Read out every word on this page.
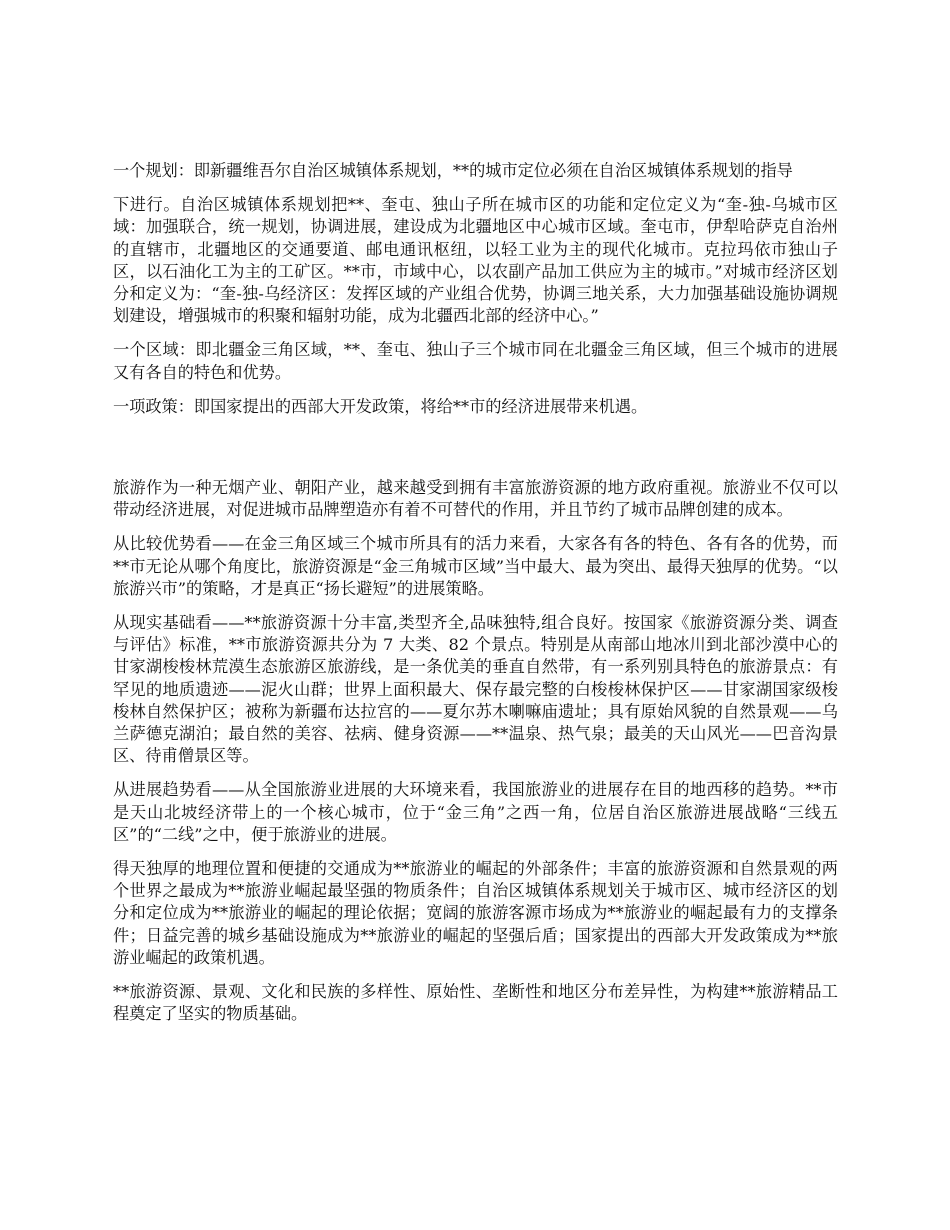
一个规划：即新疆维吾尔自治区城镇体系规划，**的城市定位必须在自治区城镇体系规划的指导

下进行。自治区城镇体系规划把**、奎屯、独山子所在城市区的功能和定位定义为“奎-独-乌城市区域：加强联合，统一规划，协调进展，建设成为北疆地区中心城市区域。奎屯市，伊犁哈萨克自治州的直辖市，北疆地区的交通要道、邮电通讯枢纽，以轻工业为主的现代化城市。克拉玛依市独山子区，以石油化工为主的工矿区。**市，市域中心，以农副产品加工供应为主的城市。”对城市经济区划分和定义为：“奎-独-乌经济区：发挥区域的产业组合优势，协调三地关系，大力加强基础设施协调规划建设，增强城市的积聚和辐射功能，成为北疆西北部的经济中心。”

一个区域：即北疆金三角区域，**、奎屯、独山子三个城市同在北疆金三角区域，但三个城市的进展又有各自的特色和优势。

一项政策：即国家提出的西部大开发政策，将给**市的经济进展带来机遇。

旅游作为一种无烟产业、朝阳产业，越来越受到拥有丰富旅游资源的地方政府重视。旅游业不仅可以带动经济进展，对促进城市品牌塑造亦有着不可替代的作用，并且节约了城市品牌创建的成本。

从比较优势看——在金三角区域三个城市所具有的活力来看，大家各有各的特色、各有各的优势，而**市无论从哪个角度比，旅游资源是“金三角城市区域”当中最大、最为突出、最得天独厚的优势。“以旅游兴市”的策略，才是真正“扬长避短”的进展策略。

从现实基础看——**旅游资源十分丰富,类型齐全,品味独特,组合良好。按国家《旅游资源分类、调查与评估》标准，**市旅游资源共分为 7 大类、82 个景点。特别是从南部山地冰川到北部沙漠中心的甘家湖梭梭林荒漠生态旅游区旅游线，是一条优美的垂直自然带，有一系列别具特色的旅游景点：有罕见的地质遗迹——泥火山群；世界上面积最大、保存最完整的白梭梭林保护区——甘家湖国家级梭梭林自然保护区；被称为新疆布达拉宫的——夏尔苏木喇嘛庙遗址；具有原始风貌的自然景观——乌兰萨德克湖泊；最自然的美容、祛病、健身资源——**温泉、热气泉；最美的天山风光——巴音沟景区、待甫僧景区等。

从进展趋势看——从全国旅游业进展的大环境来看，我国旅游业的进展存在目的地西移的趋势。**市是天山北坡经济带上的一个核心城市，位于“金三角”之西一角，位居自治区旅游进展战略“三线五区”的“二线”之中，便于旅游业的进展。

得天独厚的地理位置和便捷的交通成为**旅游业的崛起的外部条件；丰富的旅游资源和自然景观的两个世界之最成为**旅游业崛起最坚强的物质条件；自治区城镇体系规划关于城市区、城市经济区的划分和定位成为**旅游业的崛起的理论依据；宽阔的旅游客源市场成为**旅游业的崛起最有力的支撑条件；日益完善的城乡基础设施成为**旅游业的崛起的坚强后盾；国家提出的西部大开发政策成为**旅游业崛起的政策机遇。

**旅游资源、景观、文化和民族的多样性、原始性、垄断性和地区分布差异性，为构建**旅游精品工程奠定了坚实的物质基础。
